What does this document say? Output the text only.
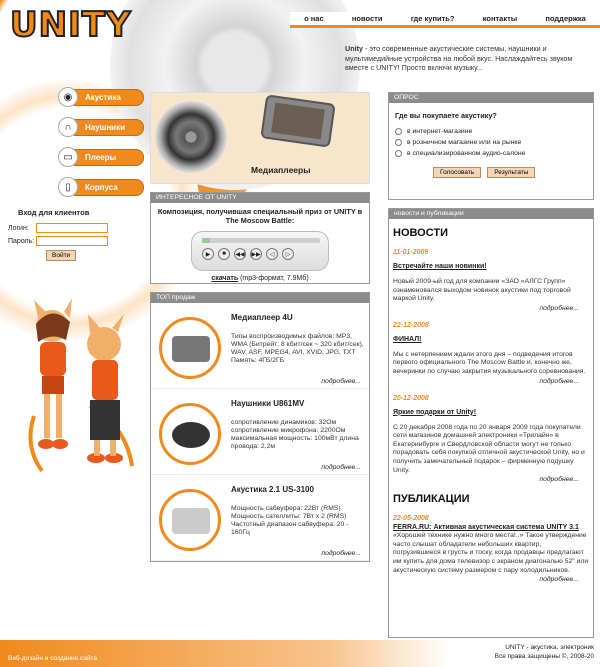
UNITY	о нас	новости	где купить?	контакты	поддержка
Unity - это современные акустические системы, наушники и мультимедийные устройства на любой вкус. Наслаждайтесь звуком вместе с UNITY! Просто включи музыку...
◉	Акустика
∩	Наушники
▭	Плееры
▯	Корпуса
Вход для клиентов
Логин:
Пароль:
Войти
Медиаплееры
ИНТЕРЕСНОЕ ОТ UNITY
Композиция, получившая специальный приз от UNITY в The Moscow Battle:
▶	■	◀◀ ▶▶	◁	▷
скачать (mp3-формат, 7.9Мб)
ТОП продаж
Медиаплеер 4U
Типы воспроизводимых файлов: MP3, WMA (Битрейт: 8 кбит/сек ~ 320 кбит/сек), WAV, ASF, MPEG4, AVI, XVID, JPG, TXT Память: 4ГБ/2ГБ
подробнее...
Наушники U861MV
сопротивление динамиков: 32Ом сопротивление микрофона: 2200Ом максимальная мощность: 100мВт длина провода: 2,2м
подробнее...
Акустика 2.1 US-3100
Мощность сабвуфера: 22Вт (RMS) Мощность сателлиты: 7Вт x 2 (RMS) Частотный диапазон сабвуфера: 20 - 160Гц
подробнее...
ОПРОС
Где вы покупаете акустику?
в интернет-магазине
в розничном магазине или на рынке
в специализированном аудио-салоне
Голосовать	Результаты
новости и публикации
НОВОСТИ
11-01-2009
Встречайте наши новинки!
Новый 2009-ый год для компании «ЗАО «АЛГС Групп» ознаменовался выходом новинок акустики под торговой маркой Unity.
подробнее...
22-12-2008
ФИНАЛ!
Мы с нетерпением ждали этого дня – подведения итогов первого официального The Moscow Battle и, конечно же, вечеринки по случаю закрытия музыкального соревнования.
подробнее...
20-12-2008
Яркие подарки от Unity!
С 20 декабря 2008 года по 20 января 2009 года покупатели сети магазинов домашней электроники «Трилайн» в Екатеринбурге и Свердловской области могут не только порадовать себя покупкой отличной акустической Unity, но и получить замечательный подарок – фирменную подушку Unity.
подробнее...
ПУБЛИКАЦИИ
22-05-2008
FERRA.RU: Активная акустическая система UNITY 3.1
«Хорошей технике нужно много места!..» Такое утверждение часто слышат обладатели небольших квартир, погрузившиеся в грусть и тоску, когда продавцы предлагают им купить для дома телевизор с экраном диагональю 52" или акустическую систему размером с пару холодильников.
подробнее...
Веб-дизайн и создание сайта
UNITY - акустика, электроник
Все права защищены ©, 2008-20
